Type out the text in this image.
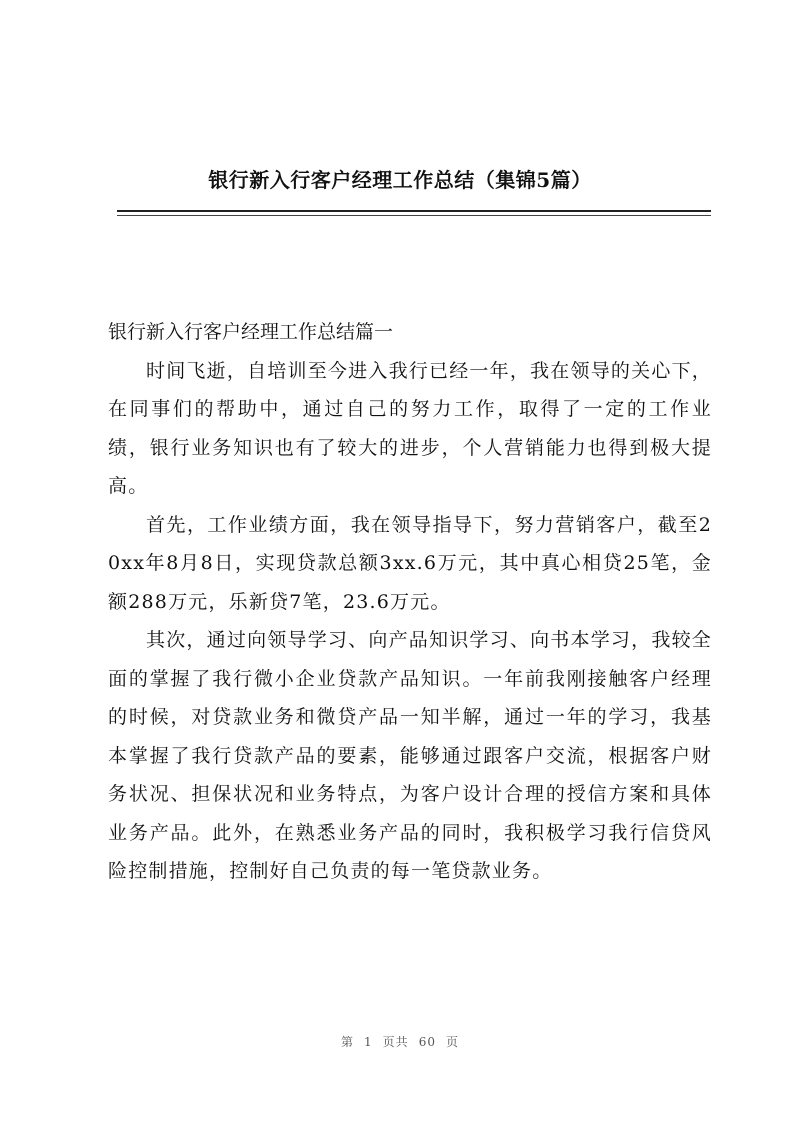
银行新入行客户经理工作总结（集锦5篇）
银行新入行客户经理工作总结篇一

时间飞逝，自培训至今进入我行已经一年，我在领导的关心下，在同事们的帮助中，通过自己的努力工作，取得了一定的工作业绩，银行业务知识也有了较大的进步，个人营销能力也得到极大提高。

首先，工作业绩方面，我在领导指导下，努力营销客户，截至20xx年8月8日，实现贷款总额3xx.6万元，其中真心相贷25笔，金额288万元，乐新贷7笔，23.6万元。

其次，通过向领导学习、向产品知识学习、向书本学习，我较全面的掌握了我行微小企业贷款产品知识。一年前我刚接触客户经理的时候，对贷款业务和微贷产品一知半解，通过一年的学习，我基本掌握了我行贷款产品的要素，能够通过跟客户交流，根据客户财务状况、担保状况和业务特点，为客户设计合理的授信方案和具体业务产品。此外，在熟悉业务产品的同时，我积极学习我行信贷风险控制措施，控制好自己负责的每一笔贷款业务。

第 1 页共 60 页
